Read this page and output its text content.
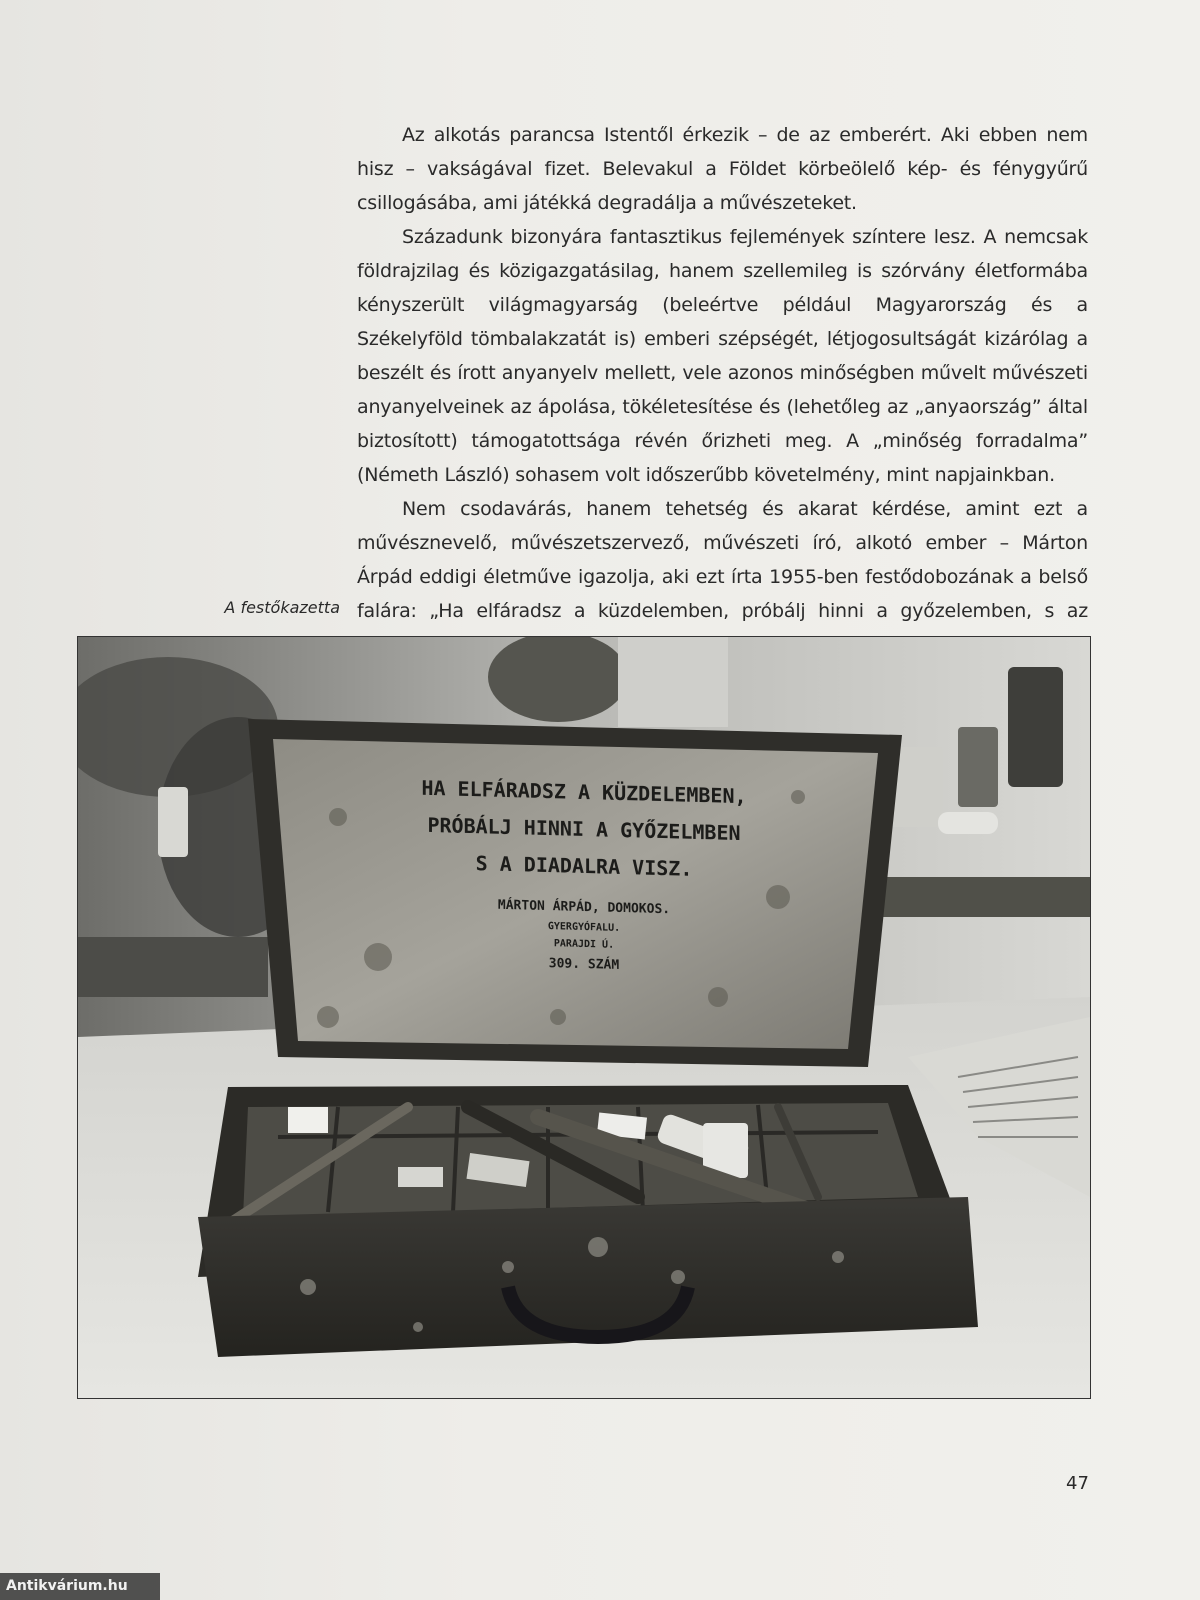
Az alkotás parancsa Istentől érkezik – de az emberért. Aki ebben nem hisz – vakságával fizet. Belevakul a Földet körbeölelő kép- és fénygyűrű csillogásába, ami játékká degradálja a művészeteket.

Századunk bizonyára fantasztikus fejlemények színtere lesz. A nemcsak földrajzilag és közigazgatásilag, hanem szellemileg is szórvány életformába kényszerült világmagyarság (beleértve például Magyarország és a Székelyföld tömbalakzatát is) emberi szépségét, létjogosultságát kizárólag a beszélt és írott anyanyelv mellett, vele azonos minőségben művelt művészeti anyanyelveinek az ápolása, tökéletesítése és (lehetőleg az „anyaország” által biztosított) támogatottsága révén őrizheti meg. A „minőség forradalma” (Németh László) sohasem volt időszerűbb követelmény, mint napjainkban.

Nem csodavárás, hanem tehetség és akarat kérdése, amint ezt a művésznevelő, művészetszervező, művészeti író, alkotó ember – Márton Árpád eddigi életműve igazolja, aki ezt írta 1955-ben festődobozának a belső falára: „Ha elfáradsz a küzdelemben, próbálj hinni a győzelemben, s az

A festőkazetta
HA ELFÁRADSZ A KÜZDELEMBEN,
PRÓBÁLJ HINNI A GYŐZELMBEN
S A DIADALRA VISZ.
MÁRTON ÁRPÁD, DOMOKOS.
GYERGYÓFALU.
PARAJDI Ú.
309. SZÁM
47
Antikvárium.hu
